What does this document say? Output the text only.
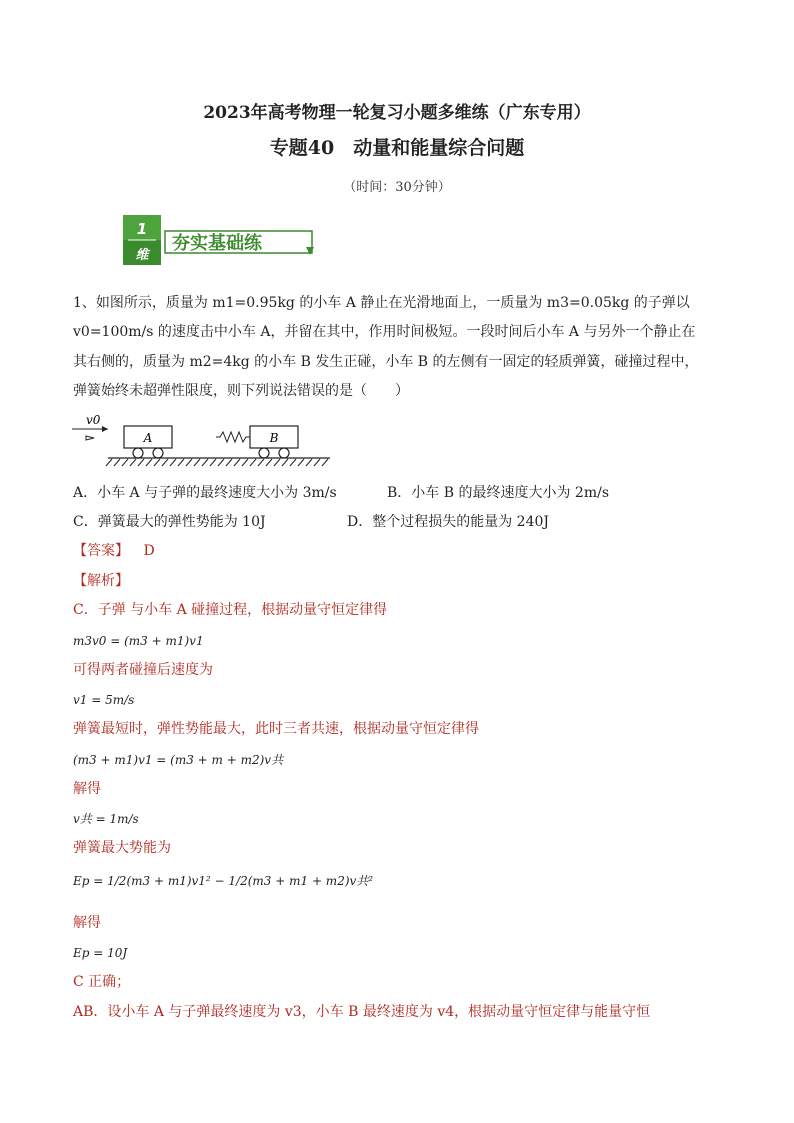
2023年高考物理一轮复习小题多维练（广东专用）
专题40　动量和能量综合问题
（时间：30分钟）
1
维
夯实基础练
1、如图所示，质量为 m1=0.95kg 的小车 A 静止在光滑地面上，一质量为 m3=0.05kg 的子弹以
v0=100m/s 的速度击中小车 A，并留在其中，作用时间极短。一段时间后小车 A 与另外一个静止在
其右侧的，质量为 m2=4kg 的小车 B 发生正碰，小车 B 的左侧有一固定的轻质弹簧，碰撞过程中，
弹簧始终未超弹性限度，则下列说法错误的是（　　）
v0
A	B
A．小车 A 与子弹的最终速度大小为 3m/s	B．小车 B 的最终速度大小为 2m/s
C．弹簧最大的弹性势能为 10J	D．整个过程损失的能量为 240J
【答案】 D
【解析】
C．子弹 与小车 A 碰撞过程，根据动量守恒定律得
m3v0 = (m3 + m1)v1
可得两者碰撞后速度为
v1 = 5m/s
弹簧最短时，弹性势能最大，此时三者共速，根据动量守恒定律得
(m3 + m1)v1 = (m3 + m + m2)v共
解得
v共 = 1m/s
弹簧最大势能为
Ep = 1/2(m3 + m1)v1² − 1/2(m3 + m1 + m2)v共²
解得
Ep = 10J
C 正确；
AB．设小车 A 与子弹最终速度为 v3，小车 B 最终速度为 v4，根据动量守恒定律与能量守恒
